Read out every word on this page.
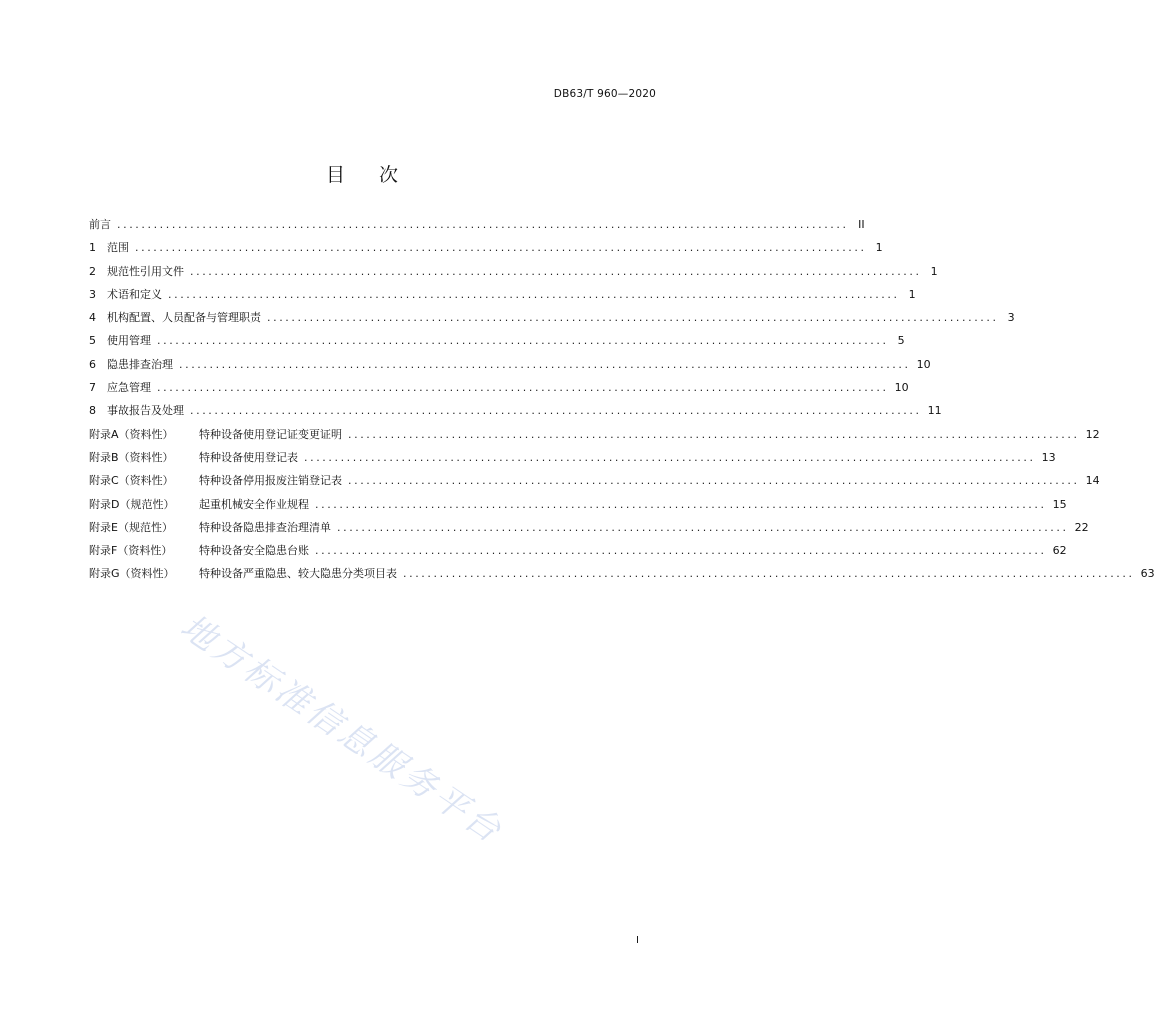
DB63/T 960—2020
目次
前言 ........................................................................................................................ II
1	范围 ........................................................................................................................ 1
2	规范性引用文件 ........................................................................................................................ 1
3	术语和定义 ........................................................................................................................ 1
4	机构配置、人员配备与管理职责 ........................................................................................................................ 3
5	使用管理 ........................................................................................................................ 5
6	隐患排查治理 ........................................................................................................................ 10
7	应急管理 ........................................................................................................................ 10
8	事故报告及处理 ........................................................................................................................ 11
附录A（资料性）	特种设备使用登记证变更证明 ........................................................................................................................ 12
附录B（资料性）	特种设备使用登记表 ........................................................................................................................ 13
附录C（资料性）	特种设备停用报废注销登记表 ........................................................................................................................ 14
附录D（规范性）	起重机械安全作业规程 ........................................................................................................................ 15
附录E（规范性）	特种设备隐患排查治理清单 ........................................................................................................................ 22
附录F（资料性）	特种设备安全隐患台账 ........................................................................................................................ 62
附录G（资料性）	特种设备严重隐患、较大隐患分类项目表 ........................................................................................................................ 63
地方标准信息服务平台
I
